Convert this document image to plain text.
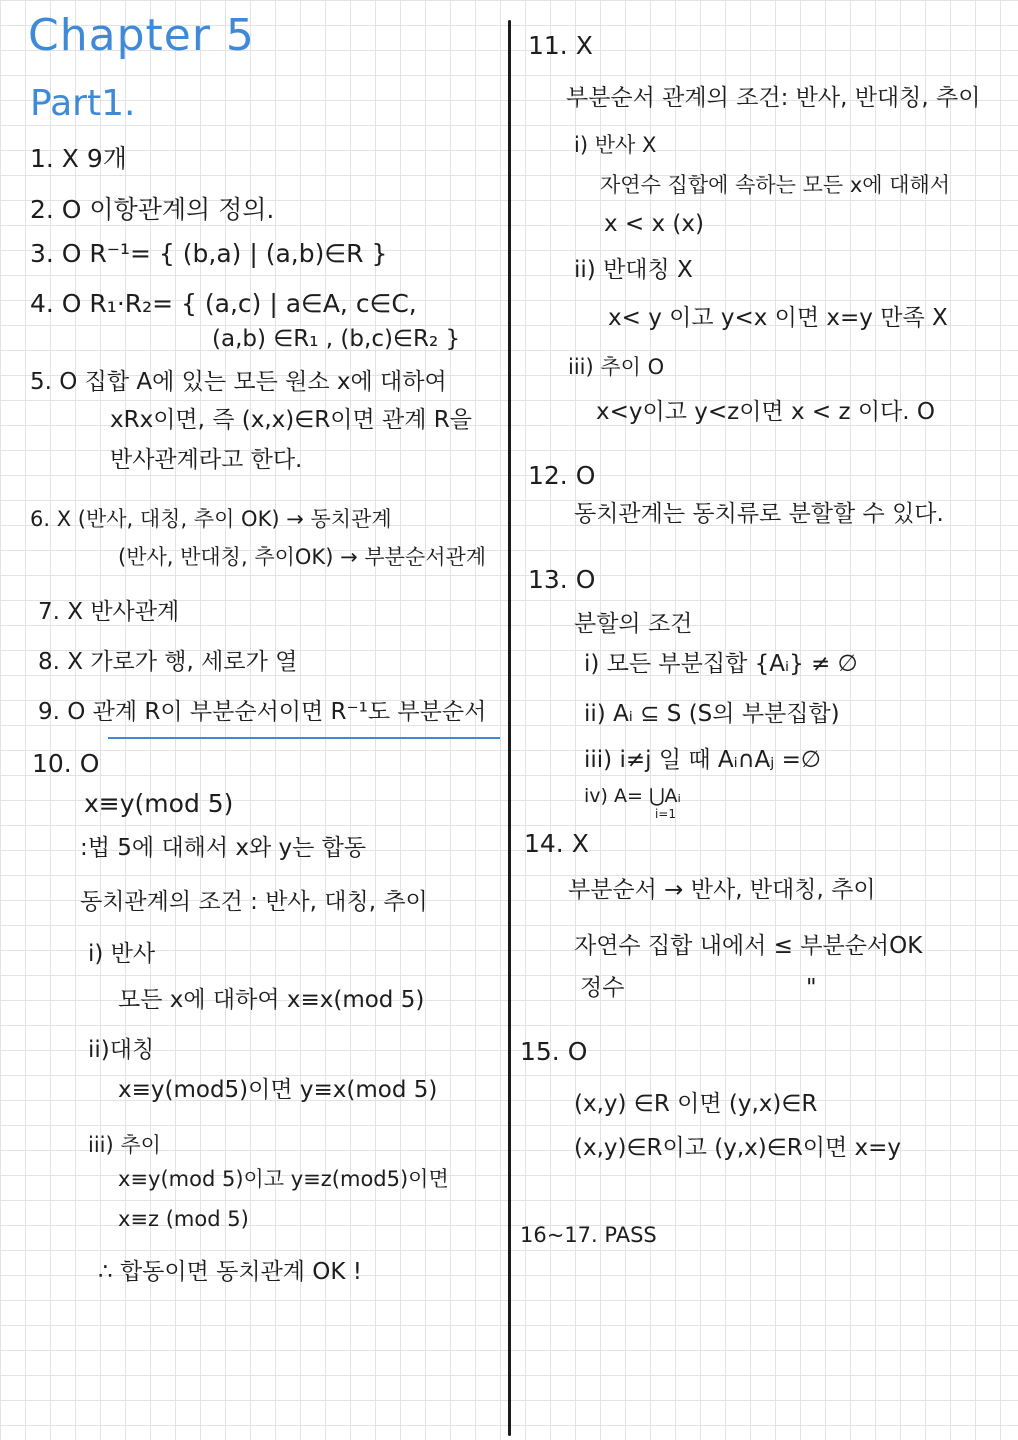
Chapter 5
Part1.
1. X 9개
2. O 이항관계의 정의.
3. O R⁻¹= { (b,a) | (a,b)∈R }
4. O R₁·R₂= { (a,c) | a∈A, c∈C,
(a,b) ∈R₁ , (b,c)∈R₂ }
5. O 집합 A에 있는 모든 원소 x에 대하여
xRx이면, 즉 (x,x)∈R이면 관계 R을
반사관계라고 한다.
6. X (반사, 대칭, 추이 OK) → 동치관계
(반사, 반대칭, 추이OK) → 부분순서관계
7. X 반사관계
8. X 가로가 행, 세로가 열
9. O 관계 R이 부분순서이면 R⁻¹도 부분순서
10. O
x≡y(mod 5)
:법 5에 대해서 x와 y는 합동
동치관계의 조건 : 반사, 대칭, 추이
i) 반사
모든 x에 대하여 x≡x(mod 5)
ii)대칭
x≡y(mod5)이면 y≡x(mod 5)
iii) 추이
x≡y(mod 5)이고 y≡z(mod5)이면
x≡z (mod 5)
∴ 합동이면 동치관계 OK !
11. X
부분순서 관계의 조건: 반사, 반대칭, 추이
i) 반사 X
자연수 집합에 속하는 모든 x에 대해서
x < x (x)
ii) 반대칭 X
x< y 이고 y<x 이면 x=y 만족 X
iii) 추이 O
x<y이고 y<z이면 x < z 이다. O
12. O
동치관계는 동치류로 분할할 수 있다.
13. O
분할의 조건
i) 모든 부분집합 {Aᵢ} ≠ ∅
ii) Aᵢ ⊆ S (S의 부분집합)
iii) i≠j 일 때 Aᵢ∩Aⱼ =∅
iv) A= ⋃
i=1
Aᵢ
14. X
부분순서 → 반사, 반대칭, 추이
자연수 집합 내에서 ≤ 부분순서OK
정수	"
15. O
(x,y) ∈R 이면 (y,x)∈R
(x,y)∈R이고 (y,x)∈R이면 x=y
16~17. PASS
